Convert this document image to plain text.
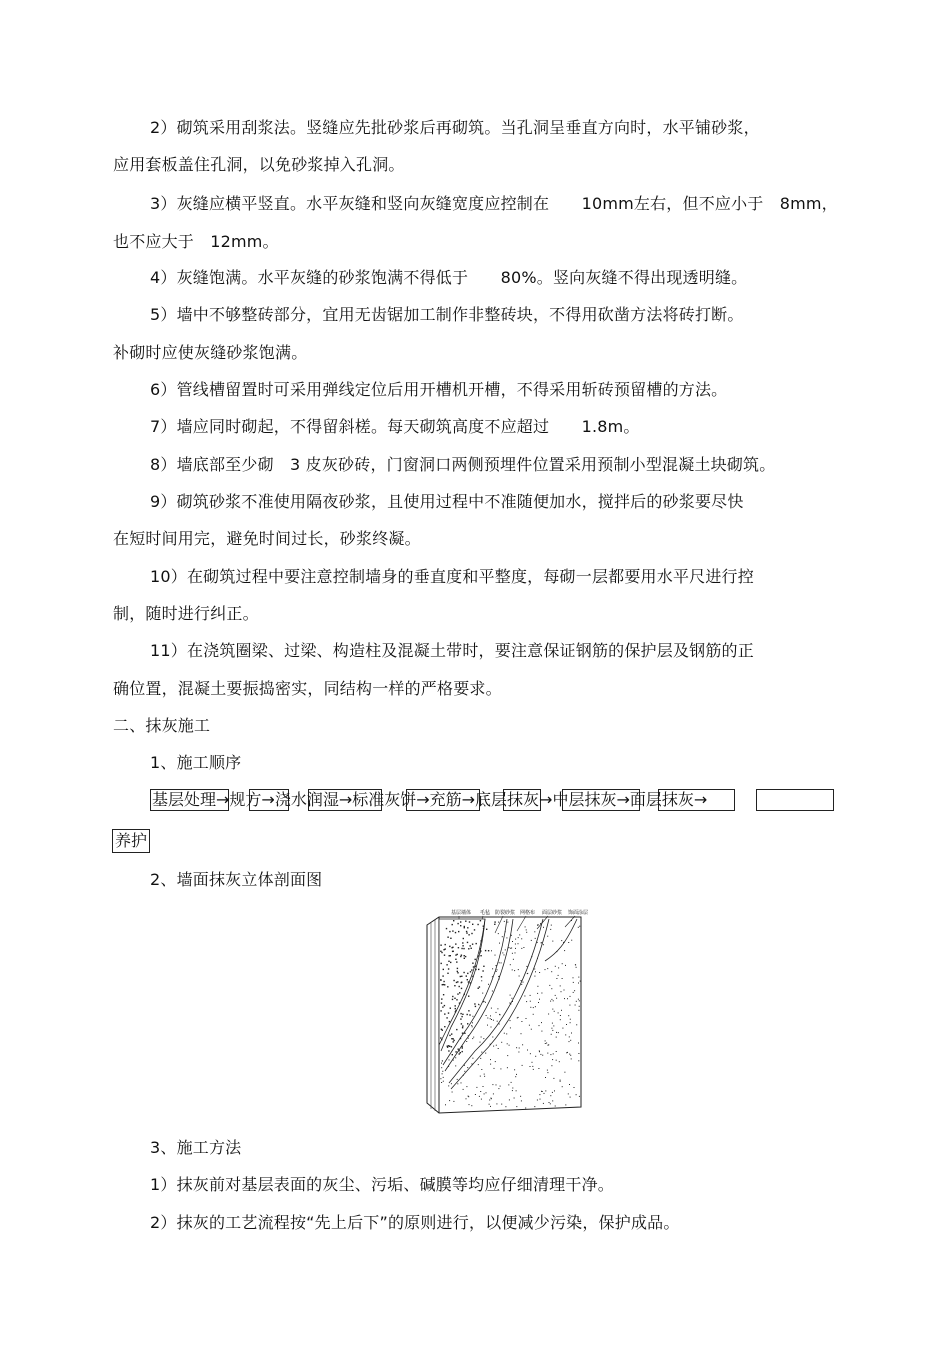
2）砌筑采用刮浆法。竖缝应先批砂浆后再砌筑。当孔洞呈垂直方向时，水平铺砂浆，
应用套板盖住孔洞，以免砂浆掉入孔洞。
3）灰缝应横平竖直。水平灰缝和竖向灰缝宽度应控制在　　10mm左右，但不应小于　8mm，
也不应大于　12mm。
4）灰缝饱满。水平灰缝的砂浆饱满不得低于　　80%。竖向灰缝不得出现透明缝。
5）墙中不够整砖部分，宜用无齿锯加工制作非整砖块，不得用砍凿方法将砖打断。
补砌时应使灰缝砂浆饱满。
6）管线槽留置时可采用弹线定位后用开槽机开槽，不得采用斩砖预留槽的方法。
7）墙应同时砌起，不得留斜槎。每天砌筑高度不应超过　　1.8m。
8）墙底部至少砌　3 皮灰砂砖，门窗洞口两侧预埋件位置采用预制小型混凝土块砌筑。
9）砌筑砂浆不准使用隔夜砂浆，且使用过程中不准随便加水，搅拌后的砂浆要尽快
在短时间用完，避免时间过长，砂浆终凝。
10）在砌筑过程中要注意控制墙身的垂直度和平整度，每砌一层都要用水平尺进行控
制，随时进行纠正。
11）在浇筑圈梁、过梁、构造柱及混凝土带时，要注意保证钢筋的保护层及钢筋的正
确位置，混凝土要振捣密实，同结构一样的严格要求。
二、抹灰施工
1、施工顺序
基层处理→规方→浇水润湿→标准灰饼→充筋→底层抹灰→中层抹灰→面层抹灰→
养护
2、墙面抹灰立体剖面图
基层墙体 毛毡 防裂砂浆 网格布 面层砂浆 饰面涂层
3、施工方法
1）抹灰前对基层表面的灰尘、污垢、碱膜等均应仔细清理干净。
2）抹灰的工艺流程按“先上后下”的原则进行，以便减少污染，保护成品。
